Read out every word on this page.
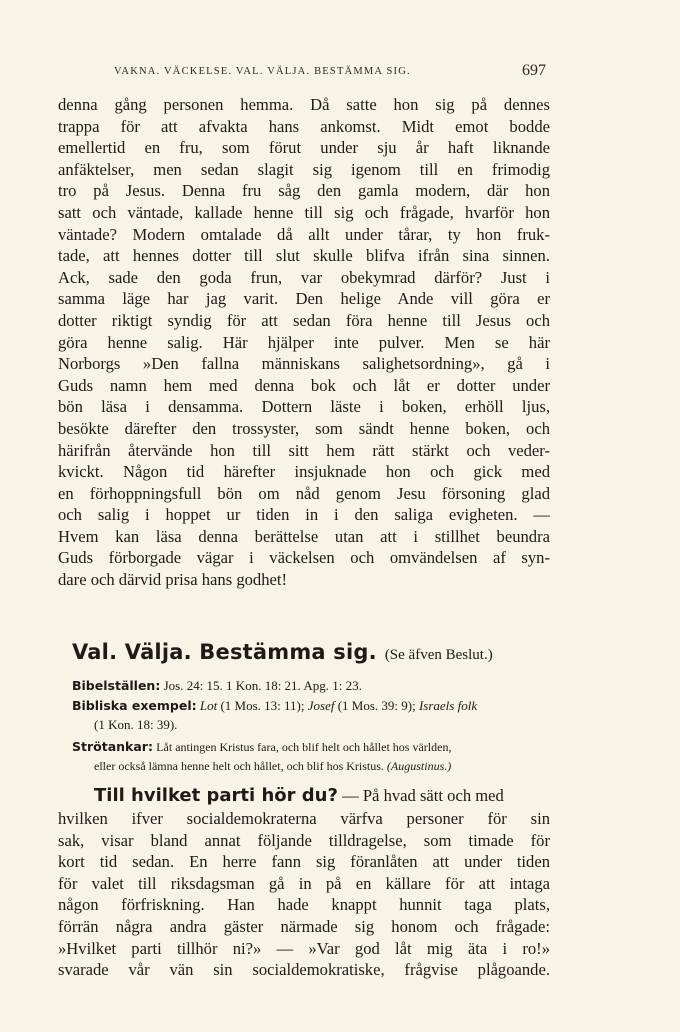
VAKNA. VÄCKELSE. VAL. VÄLJA. BESTÄMMA SIG.	697
denna gång personen hemma. Då satte hon sig på dennes
trappa för att afvakta hans ankomst. Midt emot bodde
emellertid en fru, som förut under sju år haft liknande
anfäktelser, men sedan slagit sig igenom till en frimodig
tro på Jesus. Denna fru såg den gamla modern, där hon
satt och väntade, kallade henne till sig och frågade, hvarför hon
väntade? Modern omtalade då allt under tårar, ty hon fruk-
tade, att hennes dotter till slut skulle blifva ifrån sina sinnen.
Ack, sade den goda frun, var obekymrad därför? Just i
samma läge har jag varit. Den helige Ande vill göra er
dotter riktigt syndig för att sedan föra henne till Jesus och
göra henne salig. Här hjälper inte pulver. Men se här
Norborgs »Den fallna människans salighetsordning», gå i
Guds namn hem med denna bok och låt er dotter under
bön läsa i densamma. Dottern läste i boken, erhöll ljus,
besökte därefter den trossyster, som sändt henne boken, och
härifrån återvände hon till sitt hem rätt stärkt och veder-
kvickt. Någon tid härefter insjuknade hon och gick med
en förhoppningsfull bön om nåd genom Jesu försoning glad
och salig i hoppet ur tiden in i den saliga evigheten. —
Hvem kan läsa denna berättelse utan att i stillhet beundra
Guds förborgade vägar i väckelsen och omvändelsen af syn-
dare och därvid prisa hans godhet!
Val. Välja. Bestämma sig. (Se äfven Beslut.)
Bibelställen: Jos. 24: 15. 1 Kon. 18: 21. Apg. 1: 23.
Bibliska exempel: Lot (1 Mos. 13: 11); Josef (1 Mos. 39: 9); Israels folk
(1 Kon. 18: 39).
Strötankar: Låt antingen Kristus fara, och blif helt och hållet hos världen,
eller också lämna henne helt och hållet, och blif hos Kristus. (Augustinus.)
Till hvilket parti hör du? — På hvad sätt och med
hvilken ifver socialdemokraterna värfva personer för sin
sak, visar bland annat följande tilldragelse, som timade för
kort tid sedan. En herre fann sig föranlåten att under tiden
för valet till riksdagsman gå in på en källare för att intaga
någon förfriskning. Han hade knappt hunnit taga plats,
förrän några andra gäster närmade sig honom och frågade:
»Hvilket parti tillhör ni?» — »Var god låt mig äta i ro!»
svarade vår vän sin socialdemokratiske, frågvise plågoande.
